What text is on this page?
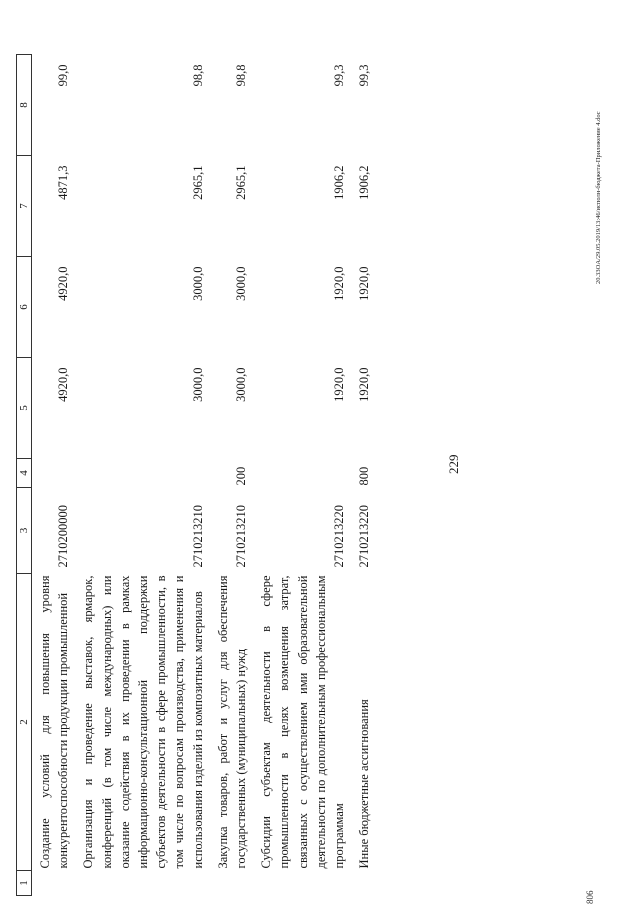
229
1	2	3	4	5	6	7	8
	Создание условий для повышения уровня конкурентоспособности продукции промышленной	2710200000		4920,0	4920,0	4871,3	99,0
	Организация и проведение выставок, ярмарок, конференций (в том числе международных) или оказание содействия в их проведении в рамках информационно-консультационной поддержки субъектов деятельности в сфере промышленности, в том числе по вопросам производства, применения и использования изделий из композитных материалов	2710213210		3000,0	3000,0	2965,1	98,8
	Закупка товаров, работ и услуг для обеспечения государственных (муниципальных) нужд	2710213210	200	3000,0	3000,0	2965,1	98,8
	Субсидии субъектам деятельности в сфере промышленности в целях возмещения затрат, связанных с осуществлением ими образовательной деятельности по дополнительным профессиональным программам	2710213220		1920,0	1920,0	1906,2	99,3
	Иные бюджетные ассигнования	2710213220	800	1920,0	1920,0	1906,2	99,3
20.33OA/29.05.2019/13:46/исполн-бюджета-Приложение 4.doc
806
